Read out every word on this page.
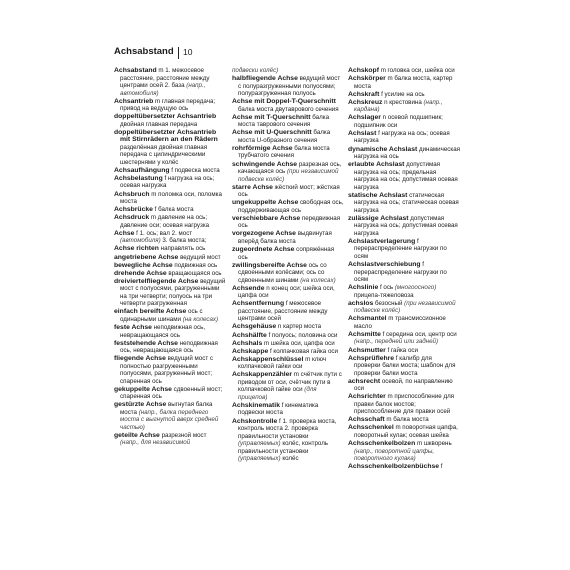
Achsabstand 10
Achsabstand m 1. межосевое расстояние, расстояние между центрами осей 2. база (напр., автомобиля)
Achsantrieb m главная передача; привод на ведущую ось
doppeltübersetzter Achsantrieb двойная главная передача
doppeltübersetzter Achsantrieb mit Stirnrädern an den Rädern разделённая двойная главная передача с цилиндрическими шестернями у колёс
Achsaufhängung f подвеска моста
Achsbelastung f нагрузка на ось; осевая нагрузка
Achsbruch m поломка оси, поломка моста
Achsbrücke f балка моста
Achsdruck m давление на ось; давление оси; осевая нагрузка
Achse f 1. ось; вал 2. мост (автомобиля) 3. балка моста;
Achse richten направлять ось
angetriebene Achse ведущий мост
bewegliche Achse подвижная ось
drehende Achse вращающаяся ось
dreiviertelfliegende Achse ведущий мост с полуосями, разгруженными на три четверти; полуось на три четверти разгруженная
einfach bereifte Achse ось с одинарными шинами (на колесах)
feste Achse неподвижная ось, невращающаяся ось
feststehende Achse неподвижная ось, невращающаяся ось
fliegende Achse ведущий мост с полностью разгруженными полуосями, разгруженный мост; спаренная ось
gekuppelte Achse сдвоенный мост; спаренная ось
gestürzte Achse выгнутая балка моста (напр., балка переднего моста с выгнутой вверх средней частью)
geteilte Achse разрезной мост (напр., для независимой
подвески колёс)
halbfliegende Achse ведущий мост с полуразгруженными полуосями; полуразгруженная полуось
Achse mit Doppel-T-Querschnitt балка моста двутаврового сечения
Achse mit T-Querschnitt балка моста таврового сечения
Achse mit U-Querschnitt балка моста U-образного сечения
rohrförmige Achse балка моста трубчатого сечения
schwingende Achse разрезная ось, качающаяся ось (при независимой подвеске колёс)
starre Achse жёсткий мост; жёсткая ось
ungekuppelte Achse свободная ось, поддерживающая ось
verschiebbare Achse передвижная ось
vorgezogene Achse выдвинутая вперёд балка моста
zugeordnete Achse сопряжённая ось
zwillingsbereifte Achse ось со сдвоенными колёсами; ось со сдвоенными шинами (на колесах)
Achsende n конец оси; шейка оси, цапфа оси
Achsentfernung f межосевое расстояние, расстояние между центрами осей
Achsgehäuse n картер моста
Achshälfte f полуось; половина оси
Achshals m шейка оси, цапфа оси
Achskappe f колпачковая гайка оси
Achskappenschlüssel m ключ колпачковой гайки оси
Achskappenzähler m счётчик пути с приводом от оси, счётчик пути в колпачковой гайке оси (для прицепов)
Achskinematik f кинематика подвески моста
Achskontrolle f 1. проверка моста, контроль моста 2. проверка правильности установки (управляемых) колёс, контроль правильности установки (управляемых) колёс
Achskopf m головка оси, шейка оси
Achskörper m балка моста, картер моста
Achskraft f усилие на ось
Achskreuz n крестовина (напр., кардана)
Achslager n осевой подшипник; подшипник оси
Achslast f нагрузка на ось; осевая нагрузка
dynamische Achslast динамическая нагрузка на ось
erlaubte Achslast допустимая нагрузка на ось; предельная нагрузка на ось; допустимая осевая нагрузка
statische Achslast статическая нагрузка на ось; статическая осевая нагрузка
zulässige Achslast допустимая нагрузка на ось; допустимая осевая нагрузка
Achslastverlagerung f перераспределение нагрузки по осям
Achslastverschiebung f перераспределение нагрузки по осям
Achslinie f ось (многоосного) прицепа-тяжеловоза
achslos безосный (при независимой подвеске колёс)
Achsmantel m трансмиссионное масло
Achsmitte f середина оси, центр оси (напр., передней или задней)
Achsmutter f гайка оси
Achsprüflehre f калибр для проверки балки моста; шаблон для проверки балки моста
achsrecht осевой, по направлению оси
Achsrichter m приспособление для правки балок мостов; приспособление для правки осей
Achsschaft m балка моста
Achsschenkel m поворотная цапфа, поворотный кулак; осевая шейка
Achsschenkelbolzen m шкворень (напр., поворотной цапфы, поворотного кулака)
Achsschenkelbolzenbüchse f
